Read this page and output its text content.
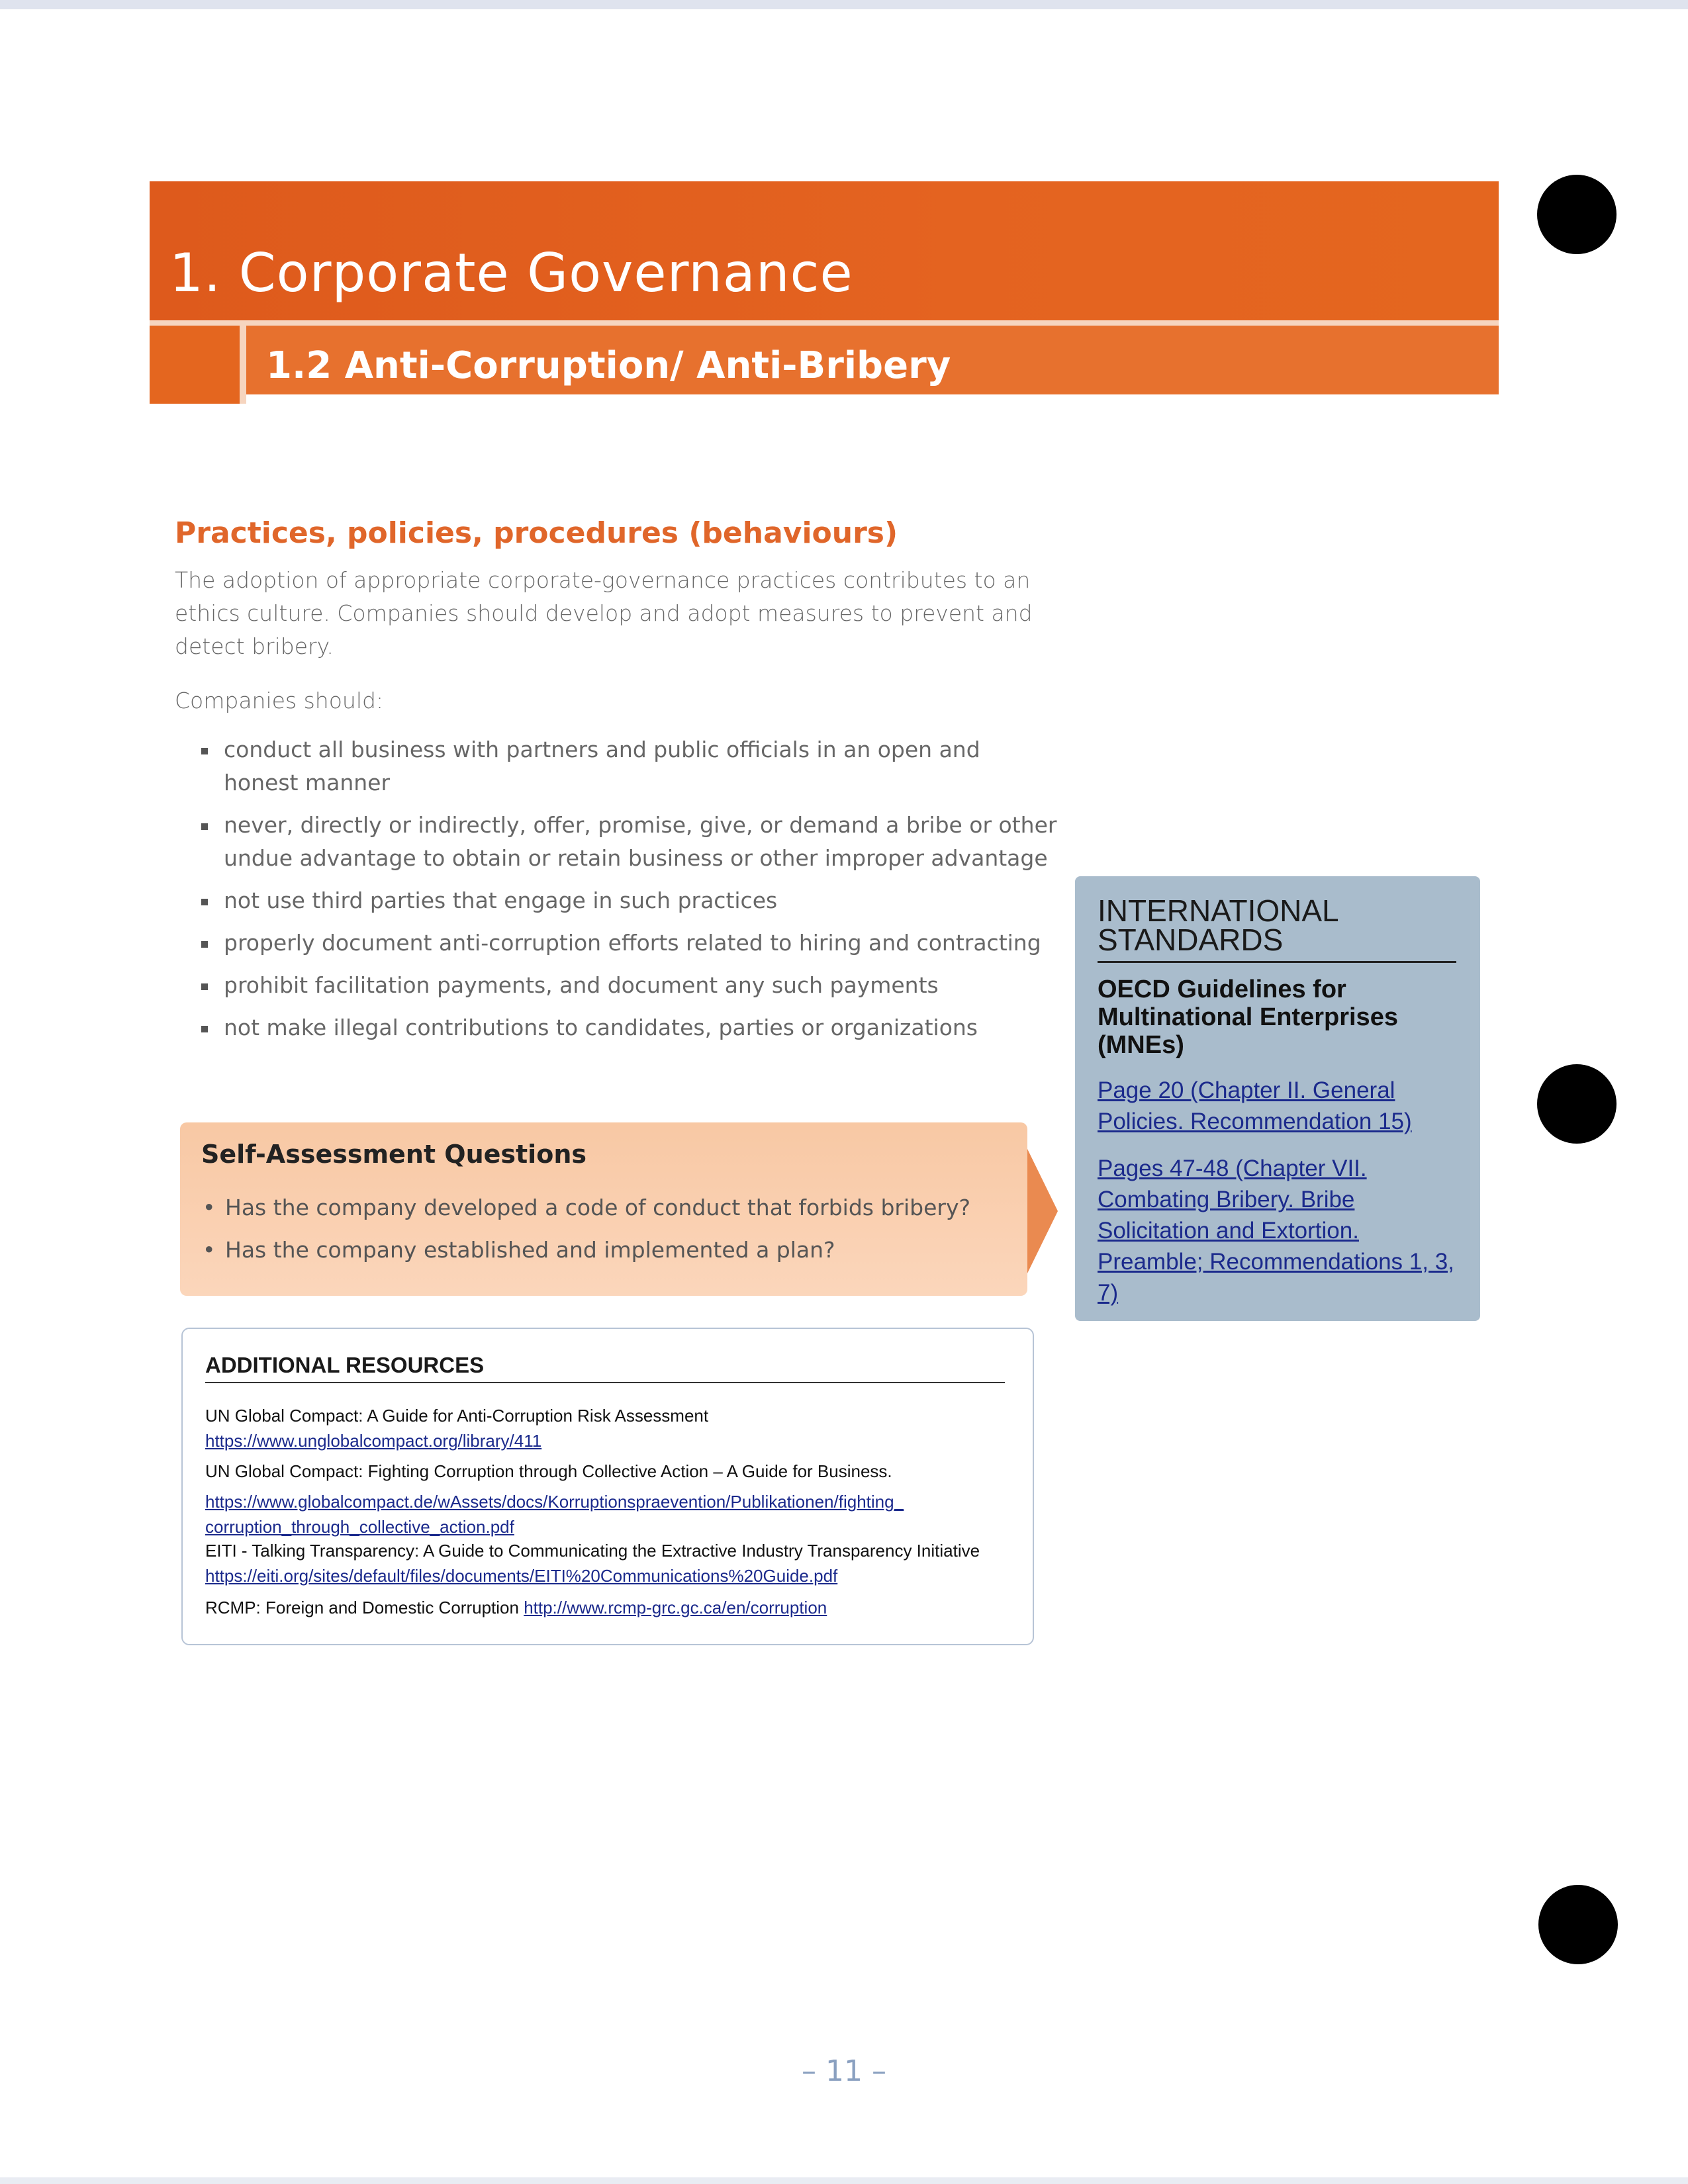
1. Corporate Governance
1.2 Anti-Corruption/ Anti-Bribery
Practices, policies, procedures (behaviours)

The adoption of appropriate corporate-governance practices contributes to an ethics culture. Companies should develop and adopt measures to prevent and detect bribery.

Companies should:

conduct all business with partners and public officials in an open and honest manner
never, directly or indirectly, offer, promise, give, or demand a bribe or other undue advantage to obtain or retain business or other improper advantage
not use third parties that engage in such practices
properly document anti-corruption efforts related to hiring and contracting
prohibit facilitation payments, and document any such payments
not make illegal contributions to candidates, parties or organizations
Self-Assessment Questions
• Has the company developed a code of conduct that forbids bribery?
• Has the company established and implemented a plan?
INTERNATIONAL STANDARDS

OECD Guidelines for Multinational Enterprises (MNEs)

Page 20 (Chapter II. General Policies. Recommendation 15)
Pages 47-48 (Chapter VII. Combating Bribery. Bribe Solicitation and Extortion. Preamble; Recommendations 1, 3, 7)
ADDITIONAL RESOURCES

UN Global Compact: A Guide for Anti-Corruption Risk Assessment
https://www.unglobalcompact.org/library/411

UN Global Compact: Fighting Corruption through Collective Action – A Guide for Business.
https://www.globalcompact.de/wAssets/docs/Korruptionspraevention/Publikationen/fighting_ corruption_through_collective_action.pdf

EITI - Talking Transparency: A Guide to Communicating the Extractive Industry Transparency Initiative
https://eiti.org/sites/default/files/documents/EITI%20Communications%20Guide.pdf

RCMP: Foreign and Domestic Corruption http://www.rcmp-grc.gc.ca/en/corruption

– 11 –
